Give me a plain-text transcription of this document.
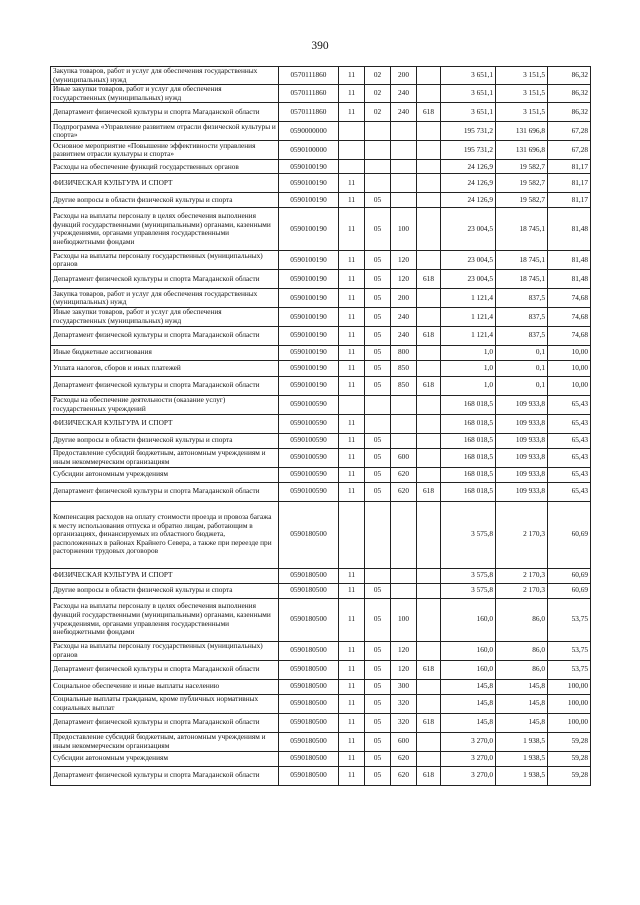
390
Закупка товаров, работ и услуг для обеспечения государственных (муниципальных) нужд	0570111860	11	02	200		3 651,1	3 151,5	86,32
Иные закупки товаров, работ и услуг для обеспечения государственных (муниципальных) нужд	0570111860	11	02	240		3 651,1	3 151,5	86,32
Департамент физической культуры и спорта Магаданской области	0570111860	11	02	240	618	3 651,1	3 151,5	86,32
Подпрограмма «Управление развитием отрасли физической культуры и спорта»	0590000000					195 731,2	131 696,8	67,28
Основное мероприятие «Повышение эффективности управления развитием отрасли культуры и спорта»	0590100000					195 731,2	131 696,8	67,28
Расходы на обеспечение функций государственных органов	0590100190					24 126,9	19 582,7	81,17
ФИЗИЧЕСКАЯ КУЛЬТУРА И СПОРТ	0590100190	11				24 126,9	19 582,7	81,17
Другие вопросы в области физической культуры и спорта	0590100190	11	05			24 126,9	19 582,7	81,17
Расходы на выплаты персоналу в целях обеспечения выполнения функций государственными (муниципальными) органами, казенными учреждениями, органами управления государственными внебюджетными фондами	0590100190	11	05	100		23 004,5	18 745,1	81,48
Расходы на выплаты персоналу государственных (муниципальных) органов	0590100190	11	05	120		23 004,5	18 745,1	81,48
Департамент физической культуры и спорта Магаданской области	0590100190	11	05	120	618	23 004,5	18 745,1	81,48
Закупка товаров, работ и услуг для обеспечения государственных (муниципальных) нужд	0590100190	11	05	200		1 121,4	837,5	74,68
Иные закупки товаров, работ и услуг для обеспечения государственных (муниципальных) нужд	0590100190	11	05	240		1 121,4	837,5	74,68
Департамент физической культуры и спорта Магаданской области	0590100190	11	05	240	618	1 121,4	837,5	74,68
Иные бюджетные ассигнования	0590100190	11	05	800		1,0	0,1	10,00
Уплата налогов, сборов и иных платежей	0590100190	11	05	850		1,0	0,1	10,00
Департамент физической культуры и спорта Магаданской области	0590100190	11	05	850	618	1,0	0,1	10,00
Расходы на обеспечение деятельности (оказание услуг) государственных учреждений	0590100590					168 018,5	109 933,8	65,43
ФИЗИЧЕСКАЯ КУЛЬТУРА И СПОРТ	0590100590	11				168 018,5	109 933,8	65,43
Другие вопросы в области физической культуры и спорта	0590100590	11	05			168 018,5	109 933,8	65,43
Предоставление субсидий бюджетным, автономным учреждениям и иным некоммерческим организациям	0590100590	11	05	600		168 018,5	109 933,8	65,43
Субсидии автономным учреждениям	0590100590	11	05	620		168 018,5	109 933,8	65,43
Департамент физической культуры и спорта Магаданской области	0590100590	11	05	620	618	168 018,5	109 933,8	65,43
Компенсация расходов на оплату стоимости проезда и провоза багажа к месту использования отпуска и обратно лицам, работающим в организациях, финансируемых из областного бюджета, расположенных в районах Крайнего Севера, а также при переезде при расторжении трудовых договоров	0590180500					3 575,8	2 170,3	60,69
ФИЗИЧЕСКАЯ КУЛЬТУРА И СПОРТ	0590180500	11				3 575,8	2 170,3	60,69
Другие вопросы в области физической культуры и спорта	0590180500	11	05			3 575,8	2 170,3	60,69
Расходы на выплаты персоналу в целях обеспечения выполнения функций государственными (муниципальными) органами, казенными учреждениями, органами управления государственными внебюджетными фондами	0590180500	11	05	100		160,0	86,0	53,75
Расходы на выплаты персоналу государственных (муниципальных) органов	0590180500	11	05	120		160,0	86,0	53,75
Департамент физической культуры и спорта Магаданской области	0590180500	11	05	120	618	160,0	86,0	53,75
Социальное обеспечение и иные выплаты населению	0590180500	11	05	300		145,8	145,8	100,00
Социальные выплаты гражданам, кроме публичных нормативных социальных выплат	0590180500	11	05	320		145,8	145,8	100,00
Департамент физической культуры и спорта Магаданской области	0590180500	11	05	320	618	145,8	145,8	100,00
Предоставление субсидий бюджетным, автономным учреждениям и иным некоммерческим организациям	0590180500	11	05	600		3 270,0	1 938,5	59,28
Субсидии автономным учреждениям	0590180500	11	05	620		3 270,0	1 938,5	59,28
Департамент физической культуры и спорта Магаданской области	0590180500	11	05	620	618	3 270,0	1 938,5	59,28
